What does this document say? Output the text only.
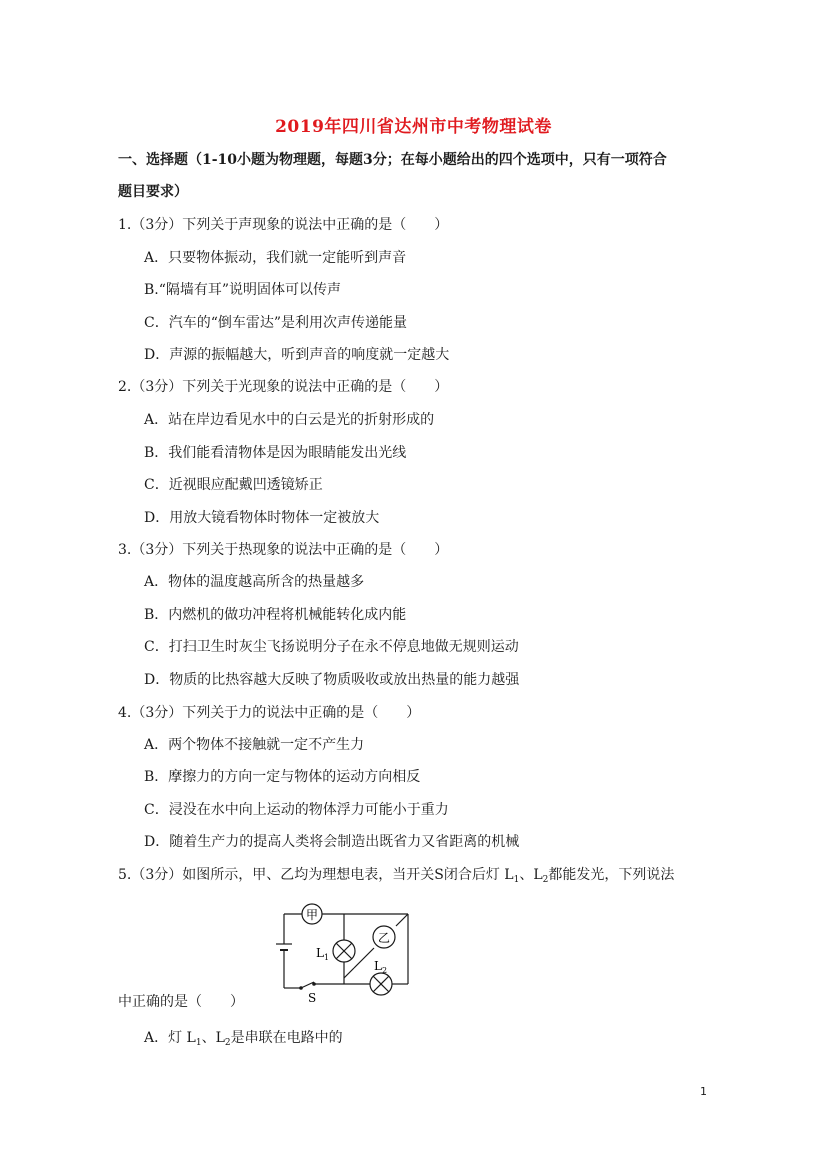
2019年四川省达州市中考物理试卷
一、选择题（1-10小题为物理题，每题3分；在每小题给出的四个选项中，只有一项符合
题目要求）
1.（3分）下列关于声现象的说法中正确的是（　　）
A．只要物体振动，我们就一定能听到声音
B.“隔墙有耳”说明固体可以传声
C．汽车的“倒车雷达”是利用次声传递能量
D．声源的振幅越大，听到声音的响度就一定越大
2.（3分）下列关于光现象的说法中正确的是（　　）
A．站在岸边看见水中的白云是光的折射形成的
B．我们能看清物体是因为眼睛能发出光线
C．近视眼应配戴凹透镜矫正
D．用放大镜看物体时物体一定被放大
3.（3分）下列关于热现象的说法中正确的是（　　）
A．物体的温度越高所含的热量越多
B．内燃机的做功冲程将机械能转化成内能
C．打扫卫生时灰尘飞扬说明分子在永不停息地做无规则运动
D．物质的比热容越大反映了物质吸收或放出热量的能力越强
4.（3分）下列关于力的说法中正确的是（　　）
A．两个物体不接触就一定不产生力
B．摩擦力的方向一定与物体的运动方向相反
C．浸没在水中向上运动的物体浮力可能小于重力
D．随着生产力的提高人类将会制造出既省力又省距离的机械
5.（3分）如图所示，甲、乙均为理想电表，当开关S闭合后灯 $L_1$、$L_2$都能发光，下列说法
甲
$L_1$
乙
$L_2$
S
中正确的是（　　）
A．灯 $L_1$、$L_2$是串联在电路中的
1
